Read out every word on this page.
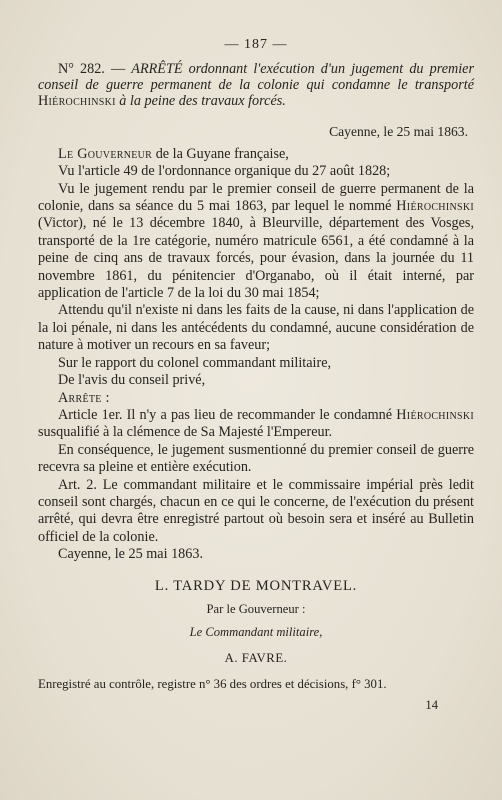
— 187 —

N° 282. — ARRÊTÉ ordonnant l'exécution d'un jugement du premier conseil de guerre permanent de la colonie qui condamne le transporté Hiérochinski à la peine des travaux forcés.

Cayenne, le 25 mai 1863.

Le Gouverneur de la Guyane française,

Vu l'article 49 de l'ordonnance organique du 27 août 1828;

Vu le jugement rendu par le premier conseil de guerre permanent de la colonie, dans sa séance du 5 mai 1863, par lequel le nommé Hiérochinski (Victor), né le 13 décembre 1840, à Bleurville, département des Vosges, transporté de la 1re catégorie, numéro matricule 6561, a été condamné à la peine de cinq ans de travaux forcés, pour évasion, dans la journée du 11 novembre 1861, du pénitencier d'Organabo, où il était interné, par application de l'article 7 de la loi du 30 mai 1854;

Attendu qu'il n'existe ni dans les faits de la cause, ni dans l'application de la loi pénale, ni dans les antécédents du condamné, aucune considération de nature à motiver un recours en sa faveur;

Sur le rapport du colonel commandant militaire,

De l'avis du conseil privé,

Arrête :

Article 1er. Il n'y a pas lieu de recommander le condamné Hiérochinski susqualifié à la clémence de Sa Majesté l'Empereur.

En conséquence, le jugement susmentionné du premier conseil de guerre recevra sa pleine et entière exécution.

Art. 2. Le commandant militaire et le commissaire impérial près ledit conseil sont chargés, chacun en ce qui le concerne, de l'exécution du présent arrêté, qui devra être enregistré partout où besoin sera et inséré au Bulletin officiel de la colonie.

Cayenne, le 25 mai 1863.

L. TARDY DE MONTRAVEL.
Par le Gouverneur :
Le Commandant militaire,
A. FAVRE.

Enregistré au contrôle, registre n° 36 des ordres et décisions, f° 301.

14
